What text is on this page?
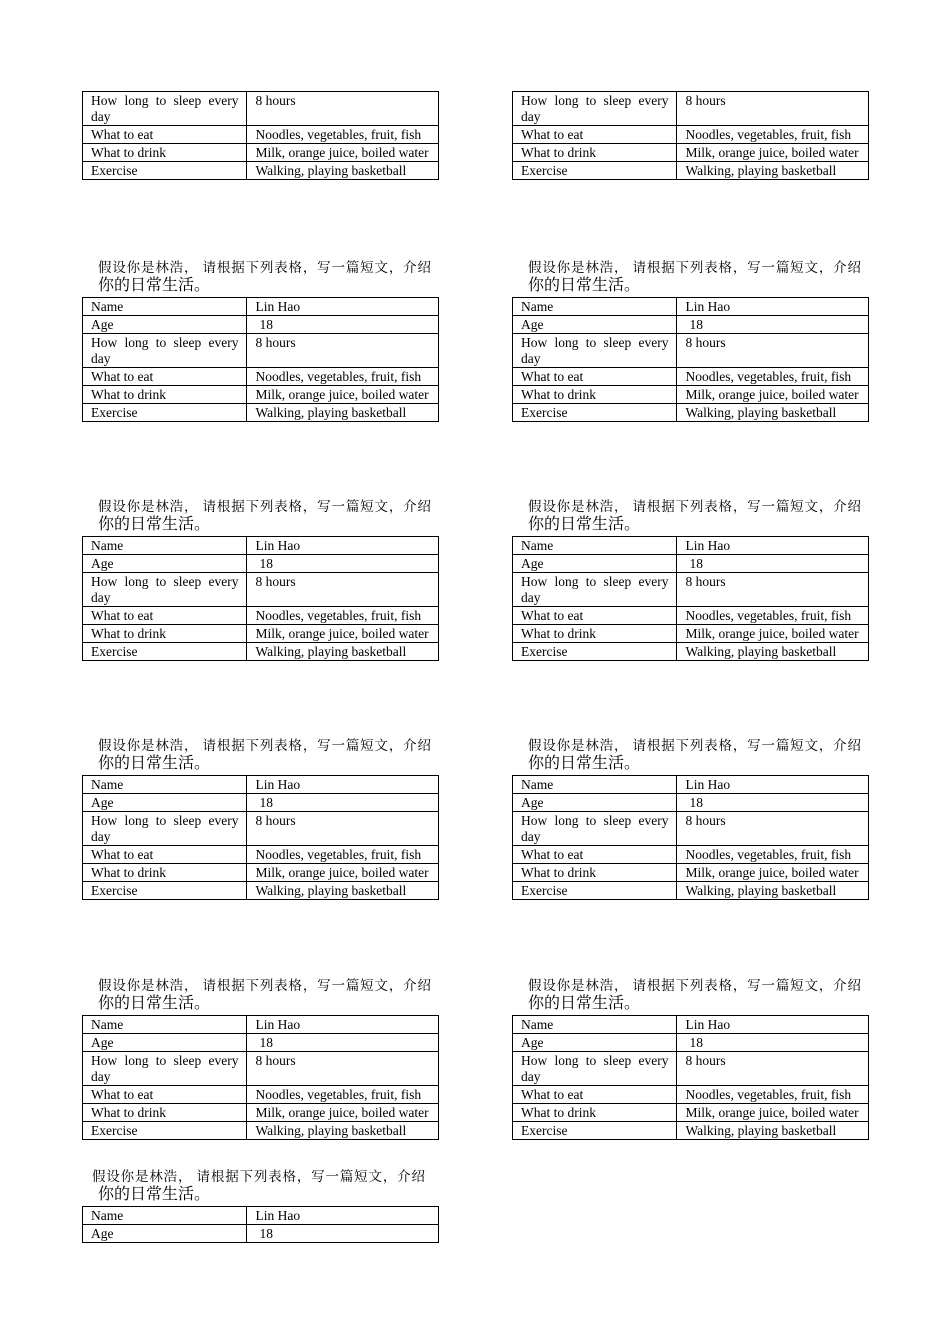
How long to sleep every day	8 hours
What to eat	Noodles, vegetables, fruit, fish
What to drink	Milk, orange juice, boiled water
Exercise	Walking, playing basketball
How long to sleep every day	8 hours
What to eat	Noodles, vegetables, fruit, fish
What to drink	Milk, orange juice, boiled water
Exercise	Walking, playing basketball
假设你是林浩， 请根据下列表格，写一篇短文，介绍
你的日常生活。
Name	Lin Hao
Age	18
How long to sleep every day	8 hours
What to eat	Noodles, vegetables, fruit, fish
What to drink	Milk, orange juice, boiled water
Exercise	Walking, playing basketball
假设你是林浩， 请根据下列表格，写一篇短文，介绍
你的日常生活。
Name	Lin Hao
Age	18
How long to sleep every day	8 hours
What to eat	Noodles, vegetables, fruit, fish
What to drink	Milk, orange juice, boiled water
Exercise	Walking, playing basketball
假设你是林浩， 请根据下列表格，写一篇短文，介绍
你的日常生活。
Name	Lin Hao
Age	18
How long to sleep every day	8 hours
What to eat	Noodles, vegetables, fruit, fish
What to drink	Milk, orange juice, boiled water
Exercise	Walking, playing basketball
假设你是林浩， 请根据下列表格，写一篇短文，介绍
你的日常生活。
Name	Lin Hao
Age	18
How long to sleep every day	8 hours
What to eat	Noodles, vegetables, fruit, fish
What to drink	Milk, orange juice, boiled water
Exercise	Walking, playing basketball
假设你是林浩， 请根据下列表格，写一篇短文，介绍
你的日常生活。
Name	Lin Hao
Age	18
How long to sleep every day	8 hours
What to eat	Noodles, vegetables, fruit, fish
What to drink	Milk, orange juice, boiled water
Exercise	Walking, playing basketball
假设你是林浩， 请根据下列表格，写一篇短文，介绍
你的日常生活。
Name	Lin Hao
Age	18
How long to sleep every day	8 hours
What to eat	Noodles, vegetables, fruit, fish
What to drink	Milk, orange juice, boiled water
Exercise	Walking, playing basketball
假设你是林浩， 请根据下列表格，写一篇短文，介绍
你的日常生活。
Name	Lin Hao
Age	18
How long to sleep every day	8 hours
What to eat	Noodles, vegetables, fruit, fish
What to drink	Milk, orange juice, boiled water
Exercise	Walking, playing basketball
假设你是林浩， 请根据下列表格，写一篇短文，介绍
你的日常生活。
Name	Lin Hao
Age	18
How long to sleep every day	8 hours
What to eat	Noodles, vegetables, fruit, fish
What to drink	Milk, orange juice, boiled water
Exercise	Walking, playing basketball
假设你是林浩， 请根据下列表格，写一篇短文，介绍
你的日常生活。
Name	Lin Hao
Age	18
